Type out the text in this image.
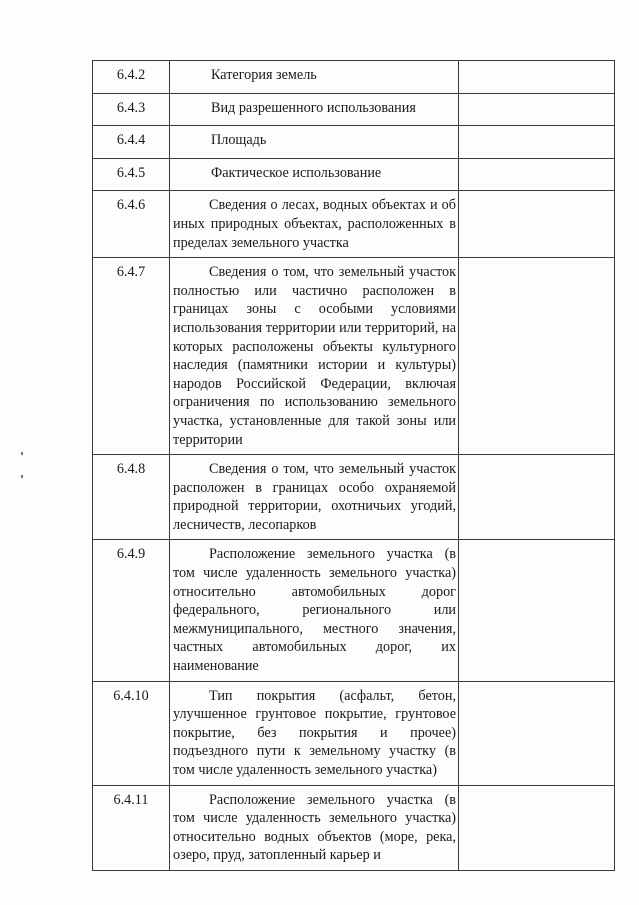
6.4.2	Категория земель	
6.4.3	Вид разрешенного использования	
6.4.4	Площадь	
6.4.5	Фактическое использование	
6.4.6	Сведения о лесах, водных объектах и об иных природных объектах, расположенных в пределах земельного участка	
6.4.7	Сведения о том, что земельный участок полностью или частично расположен в границах зоны с особыми условиями использования территории или территорий, на которых расположены объекты культурного наследия (памятники истории и культуры) народов Российской Федерации, включая ограничения по использованию земельного участка, установленные для такой зоны или территории	
6.4.8	Сведения о том, что земельный участок расположен в границах особо охраняемой природной территории, охотничьих угодий, лесничеств, лесопарков	
6.4.9	Расположение земельного участка (в том числе удаленность земельного участка) относительно автомобильных дорог федерального, регионального или межмуниципального, местного значения, частных автомобильных дорог, их наименование	
6.4.10	Тип покрытия (асфальт, бетон, улучшенное грунтовое покрытие, грунтовое покрытие, без покрытия и прочее) подъездного пути к земельному участку (в том числе удаленность земельного участка)	
6.4.11	Расположение земельного участка (в том числе удаленность земельного участка) относительно водных объектов (море, река, озеро, пруд, затопленный карьер и	
